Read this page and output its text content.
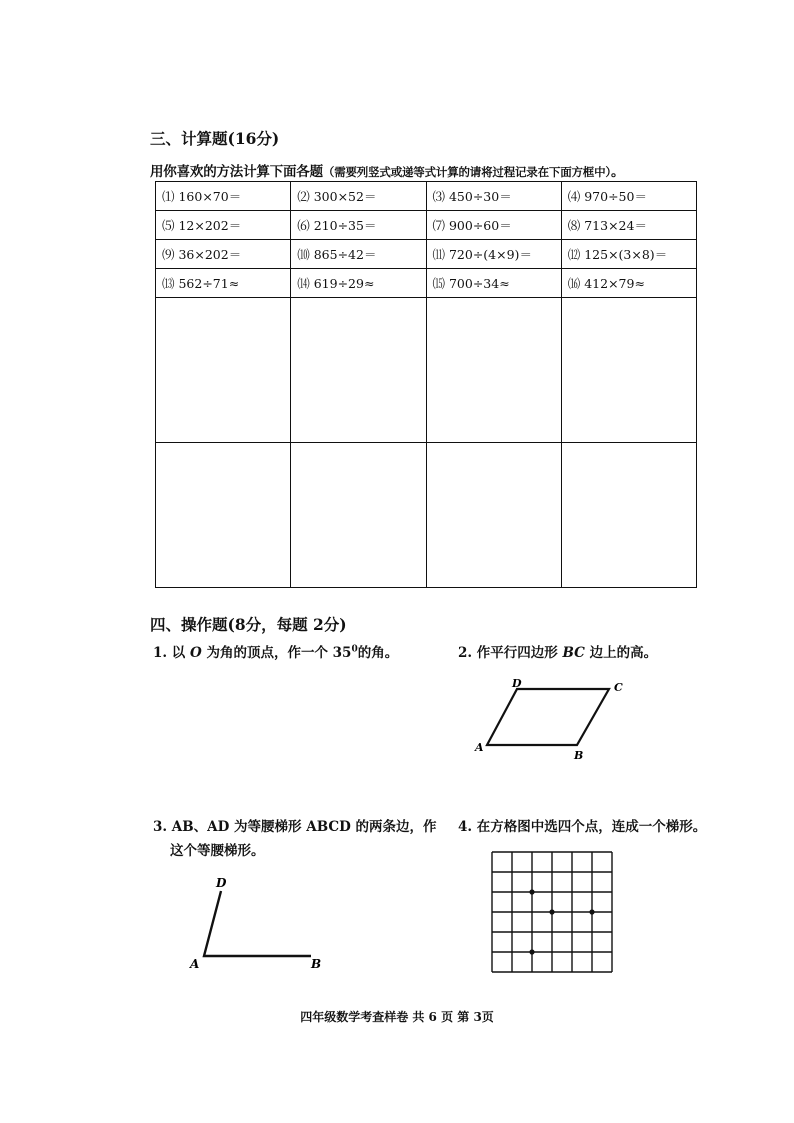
三、计算题(16分)
用你喜欢的方法计算下面各题（需要列竖式或递等式计算的请将过程记录在下面方框中）。
⑴ 160×70＝	⑵ 300×52＝	⑶ 450÷30＝	⑷ 970÷50＝
⑸ 12×202＝	⑹ 210÷35＝	⑺ 900÷60＝	⑻ 713×24＝
⑼ 36×202＝	⑽ 865÷42＝	⑾ 720÷(4×9)＝	⑿ 125×(3×8)＝
⒀ 562÷71≈	⒁ 619÷29≈	⒂ 700÷34≈	⒃ 412×79≈

四、操作题(8分，每题 2分)
1. 以 O 为角的顶点，作一个 $35^0$的角。	2. 作平行四边形 BC 边上的高。
A
B
C
D
3. AB、AD 为等腰梯形 ABCD 的两条边，作
这个等腰梯形。
D
A	B
4. 在方格图中选四个点，连成一个梯形。
四年级数学考查样卷 共 6 页 第 3页
